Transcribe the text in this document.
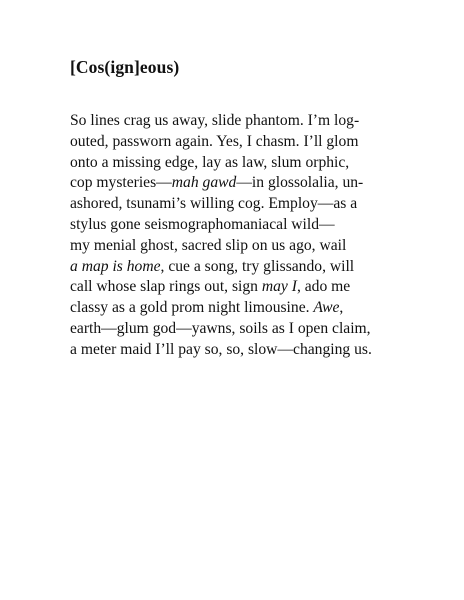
[Cos(ign]eous)
So lines crag us away, slide phantom. I’m log-
outed, passworn again. Yes, I chasm. I’ll glom
onto a missing edge, lay as law, slum orphic,
cop mysteries—mah gawd—in glossolalia, un-
ashored, tsunami’s willing cog. Employ—as a
stylus gone seismographomaniacal wild—
my menial ghost, sacred slip on us ago, wail
a map is home, cue a song, try glissando, will
call whose slap rings out, sign may I, ado me
classy as a gold prom night limousine. Awe,
earth—glum god—yawns, soils as I open claim,
a meter maid I’ll pay so, so, slow—changing us.
